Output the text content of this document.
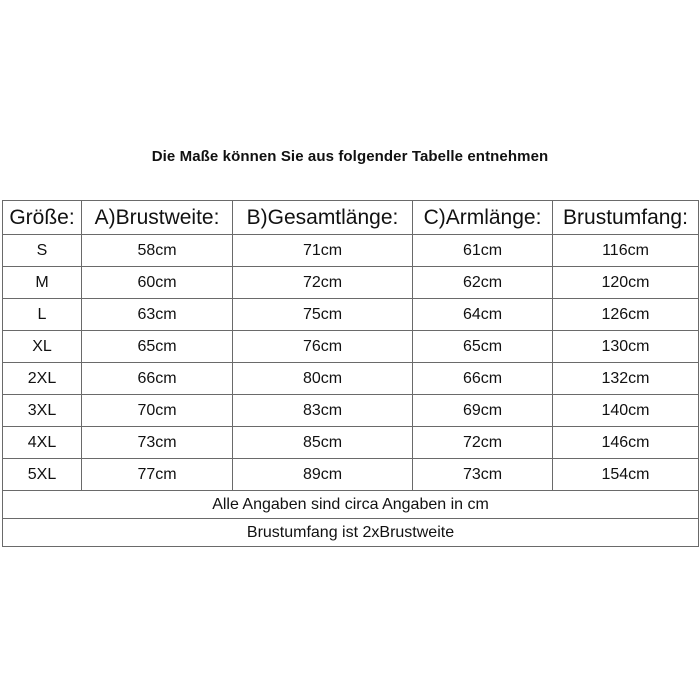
Die Maße können Sie aus folgender Tabelle entnehmen
Größe:	A)Brustweite:	B)Gesamtlänge:	C)Armlänge:	Brustumfang:
S	58cm	71cm	61cm	116cm
M	60cm	72cm	62cm	120cm
L	63cm	75cm	64cm	126cm
XL	65cm	76cm	65cm	130cm
2XL	66cm	80cm	66cm	132cm
3XL	70cm	83cm	69cm	140cm
4XL	73cm	85cm	72cm	146cm
5XL	77cm	89cm	73cm	154cm
Alle Angaben sind circa Angaben in cm				
Brustumfang ist 2xBrustweite				
